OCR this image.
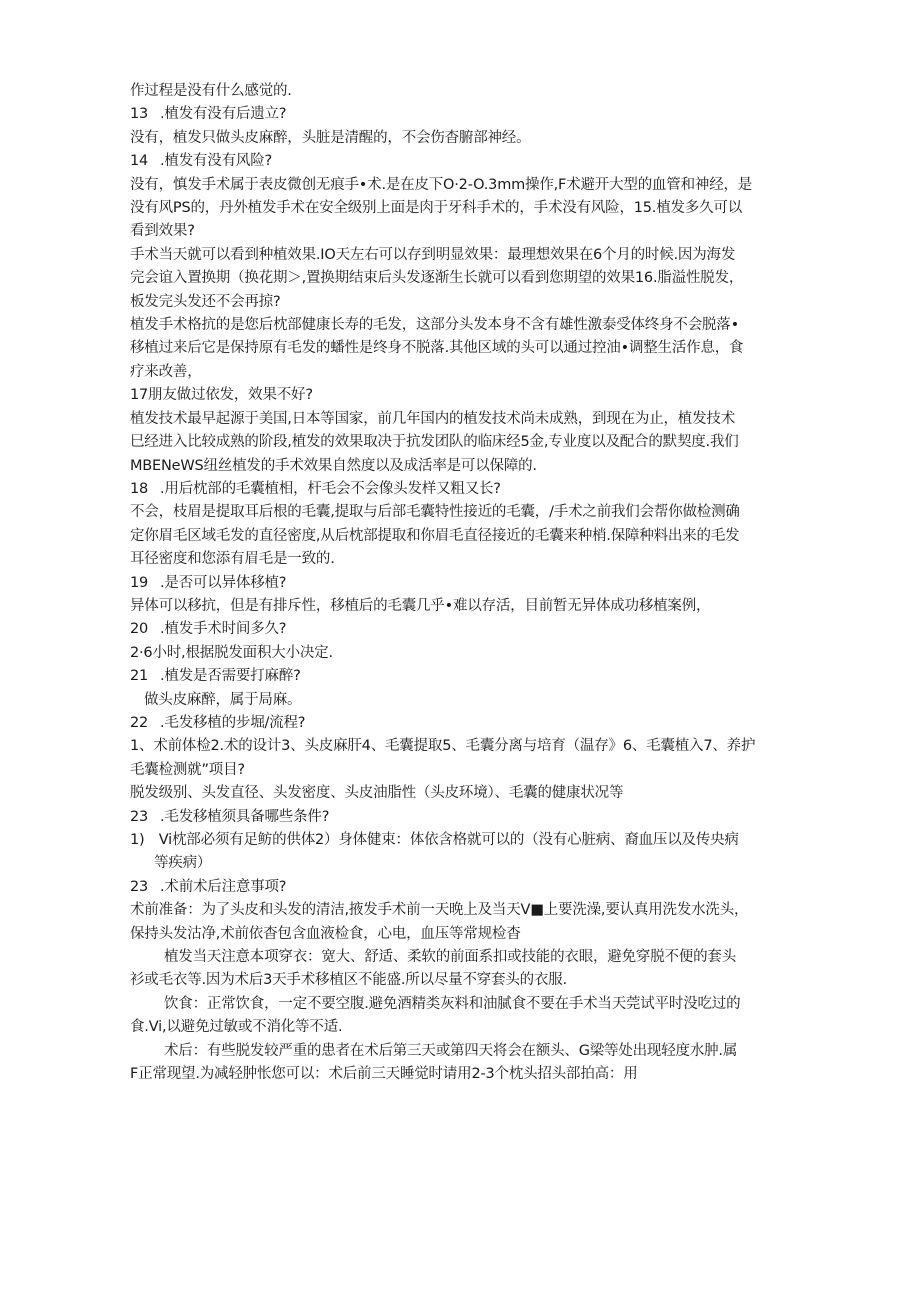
作过程是没有什么感觉的.
13 .植发有没有后遗立?
没有，植发只做头皮麻醉，头脏是清醒的，不会伤杳腑部神经。
14 .植发有没有风险?
没有，慎发手术属于表皮微创无痕手•术.是在皮下O·2-O.3mm操作,F术避开大型的血管和神经，是
没有风PS的，丹外植发手术在安全级别上面是肉于牙科手术的，手术没有风险，15.植发多久可以
看到效果?
手术当天就可以看到种植效果.IO天左右可以存到明显效果：最理想效果在6个月的时候.因为海发
完会谊入置换期（换花期＞,置换期结束后头发逐渐生长就可以看到您期望的效果16.脂溢性脱发，
板发完头发还不会再掠?
植发手术格抗的是您后枕部健康长寿的毛发，这部分头发本身不含有雄性激泰受体终身不会脱落•
移植过来后它是保持原有毛发的蟠性是终身不脱落.其他区域的头可以通过控油•调整生活作息，食
疗来改善，
17朋友做过依发，效果不好?
植发技术最早起源于美国,日本等国家，前几年国内的植发技术尚未成熟，到现在为止，植发技术
巳经进入比较成熟的阶段,植发的效果取决于抗发团队的临床经5金,专业度以及配合的默契度.我们
MBENeWS纽丝植发的手术效果自然度以及成活率是可以保障的.
18 .用后枕部的毛囊植相，杆毛会不会像头发样又粗又长?
不会，枝眉是提取耳后根的毛囊,提取与后部毛囊特性接近的毛囊，/手术之前我们会帮你做检测确
定你眉毛区域毛发的直径密度,从后枕部提取和你眉毛直径接近的毛囊来种梢.保障种料出来的毛发
耳径密度和您添有眉毛是一致的.
19 .是否可以异体移植?
异体可以移抗，但是有排斥性，移植后的毛囊几乎•难以存活，目前暂无异体成功移植案例，
20 .植发手术时间多久?
2·6小时,根据脱发面积大小决定.
21 .植发是否需要打麻醉?
做头皮麻醉，属于局麻。
22 .毛发移植的步堀/流程?
1、术前体检2.术的设计3、头皮麻肝4、毛囊提取5、毛囊分离与培育（温存》6、毛囊植入7、养护
毛囊检测就”项目?
脱发级别、头发直径、头发密度、头皮油脂性（头皮环境）、毛囊的健康状况等
23 .毛发移植须具备哪些条件?
1)　Vi枕部必须有足鲂的供体2）身体健束：体依含格就可以的（没有心脏病、裔血压以及传央病
等疾病）
23 .术前术后注意事项?
术前准备：为了头皮和头发的清洁,掖发手术前一天晚上及当天V■上要洗澡,要认真用洗发水洗头，
保持头发沽净,术前依杳包含血液检食，心电，血压等常规检杳
植发当天注意本项穿衣：宽大、舒适、柔软的前面系扣或技能的衣眼，避免穿脱不便的套头
衫或毛衣等.因为术后3天手术移植区不能盛.所以尽量不穿套头的衣服.
饮食：正常饮食，一定不要空腹.避免酒精类灰料和油腻食不要在手术当天莞试平时没吃过的
食.Vi,以避免过敏或不消化等不适.
术后：有些脱发较严重的患者在术后第三天或第四天将会在额头、G梁等处出现轻度水肿.属
F正常现望.为减轻肿怅您可以：术后前三天睡觉时请用2-3个枕头招头部拍高：用
